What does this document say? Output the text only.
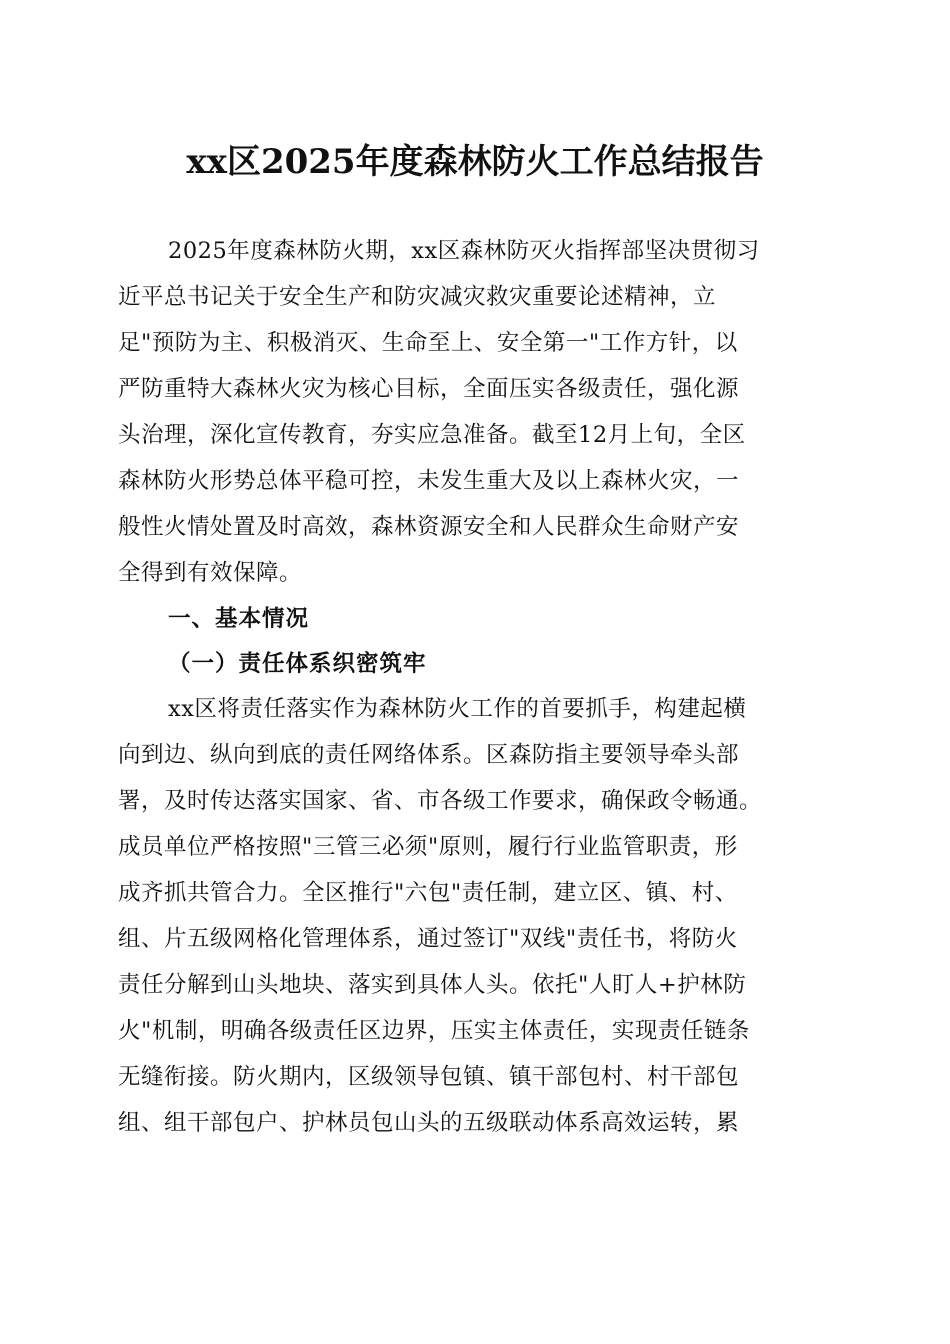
xx区2025年度森林防火工作总结报告

2025年度森林防火期，xx区森林防灭火指挥部坚决贯彻习
近平总书记关于安全生产和防灾减灾救灾重要论述精神，立
足"预防为主、积极消灭、生命至上、安全第一"工作方针，以
严防重特大森林火灾为核心目标，全面压实各级责任，强化源
头治理，深化宣传教育，夯实应急准备。截至12月上旬，全区
森林防火形势总体平稳可控，未发生重大及以上森林火灾，一
般性火情处置及时高效，森林资源安全和人民群众生命财产安
全得到有效保障。

一、基本情况
（一）责任体系织密筑牢

xx区将责任落实作为森林防火工作的首要抓手，构建起横
向到边、纵向到底的责任网络体系。区森防指主要领导牵头部
署，及时传达落实国家、省、市各级工作要求，确保政令畅通。
成员单位严格按照"三管三必须"原则，履行行业监管职责，形
成齐抓共管合力。全区推行"六包"责任制，建立区、镇、村、
组、片五级网格化管理体系，通过签订"双线"责任书，将防火
责任分解到山头地块、落实到具体人头。依托"人盯人+护林防
火"机制，明确各级责任区边界，压实主体责任，实现责任链条
无缝衔接。防火期内，区级领导包镇、镇干部包村、村干部包
组、组干部包户、护林员包山头的五级联动体系高效运转，累
